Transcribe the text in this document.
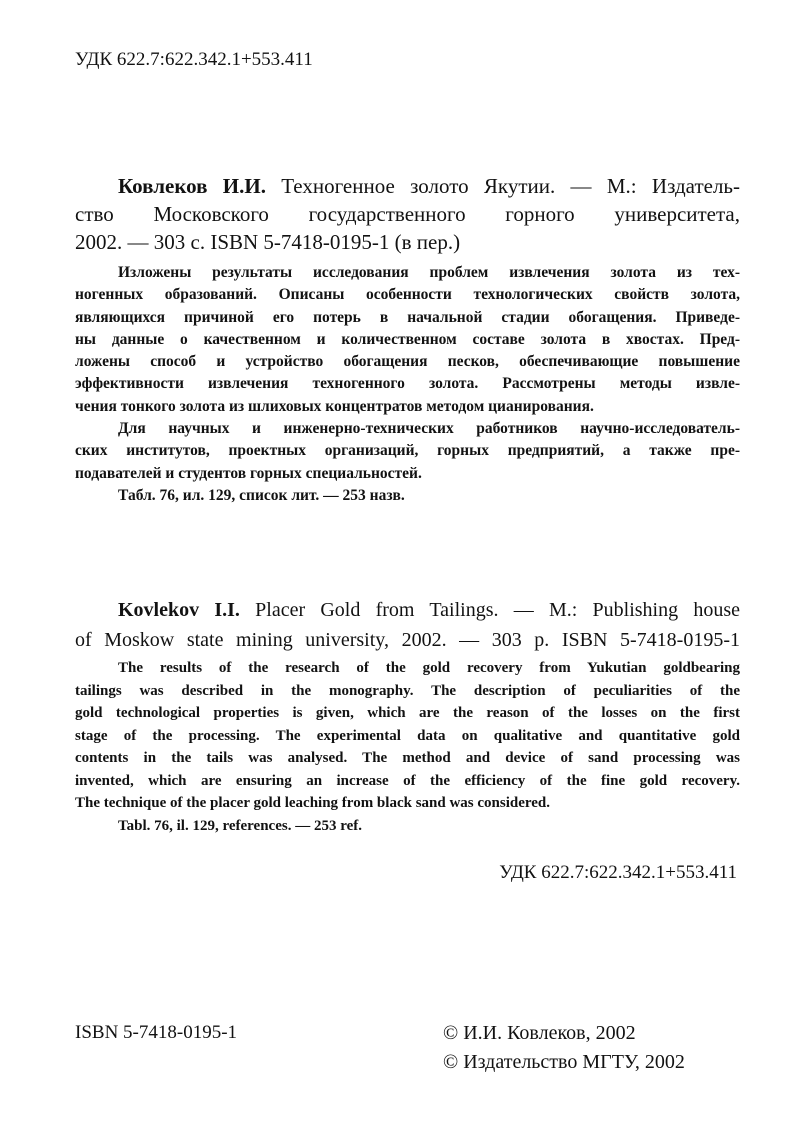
УДК 622.7:622.342.1+553.411
Ковлеков И.И. Техногенное золото Якутии. — М.: Издатель-
ство Московского государственного горного университета,
2002. — 303 с. ISBN 5-7418-0195-1 (в пер.)
Изложены результаты исследования проблем извлечения золота из тех-
ногенных образований. Описаны особенности технологических свойств золота,
являющихся причиной его потерь в начальной стадии обогащения. Приведе-
ны данные о качественном и количественном составе золота в хвостах. Пред-
ложены способ и устройство обогащения песков, обеспечивающие повышение
эффективности извлечения техногенного золота. Рассмотрены методы извле-
чения тонкого золота из шлиховых концентратов методом цианирования.
Для научных и инженерно-технических работников научно-исследователь-
ских институтов, проектных организаций, горных предприятий, а также пре-
подавателей и студентов горных специальностей.
Табл. 76, ил. 129, список лит. — 253 назв.
Kovlekov I.I. Placer Gold from Tailings. — M.: Publishing house
of Moskow state mining university, 2002. — 303 p. ISBN 5-7418-0195-1
The results of the research of the gold recovery from Yukutian goldbearing
tailings was described in the monography. The description of peculiarities of the
gold technological properties is given, which are the reason of the losses on the first
stage of the processing. The experimental data on qualitative and quantitative gold
contents in the tails was analysed. The method and device of sand processing was
invented, which are ensuring an increase of the efficiency of the fine gold recovery.
The technique of the placer gold leaching from black sand was considered.
Tabl. 76, il. 129, references. — 253 ref.
УДК 622.7:622.342.1+553.411
ISBN 5-7418-0195-1	© И.И. Ковлеков, 2002
© Издательство МГТУ, 2002
